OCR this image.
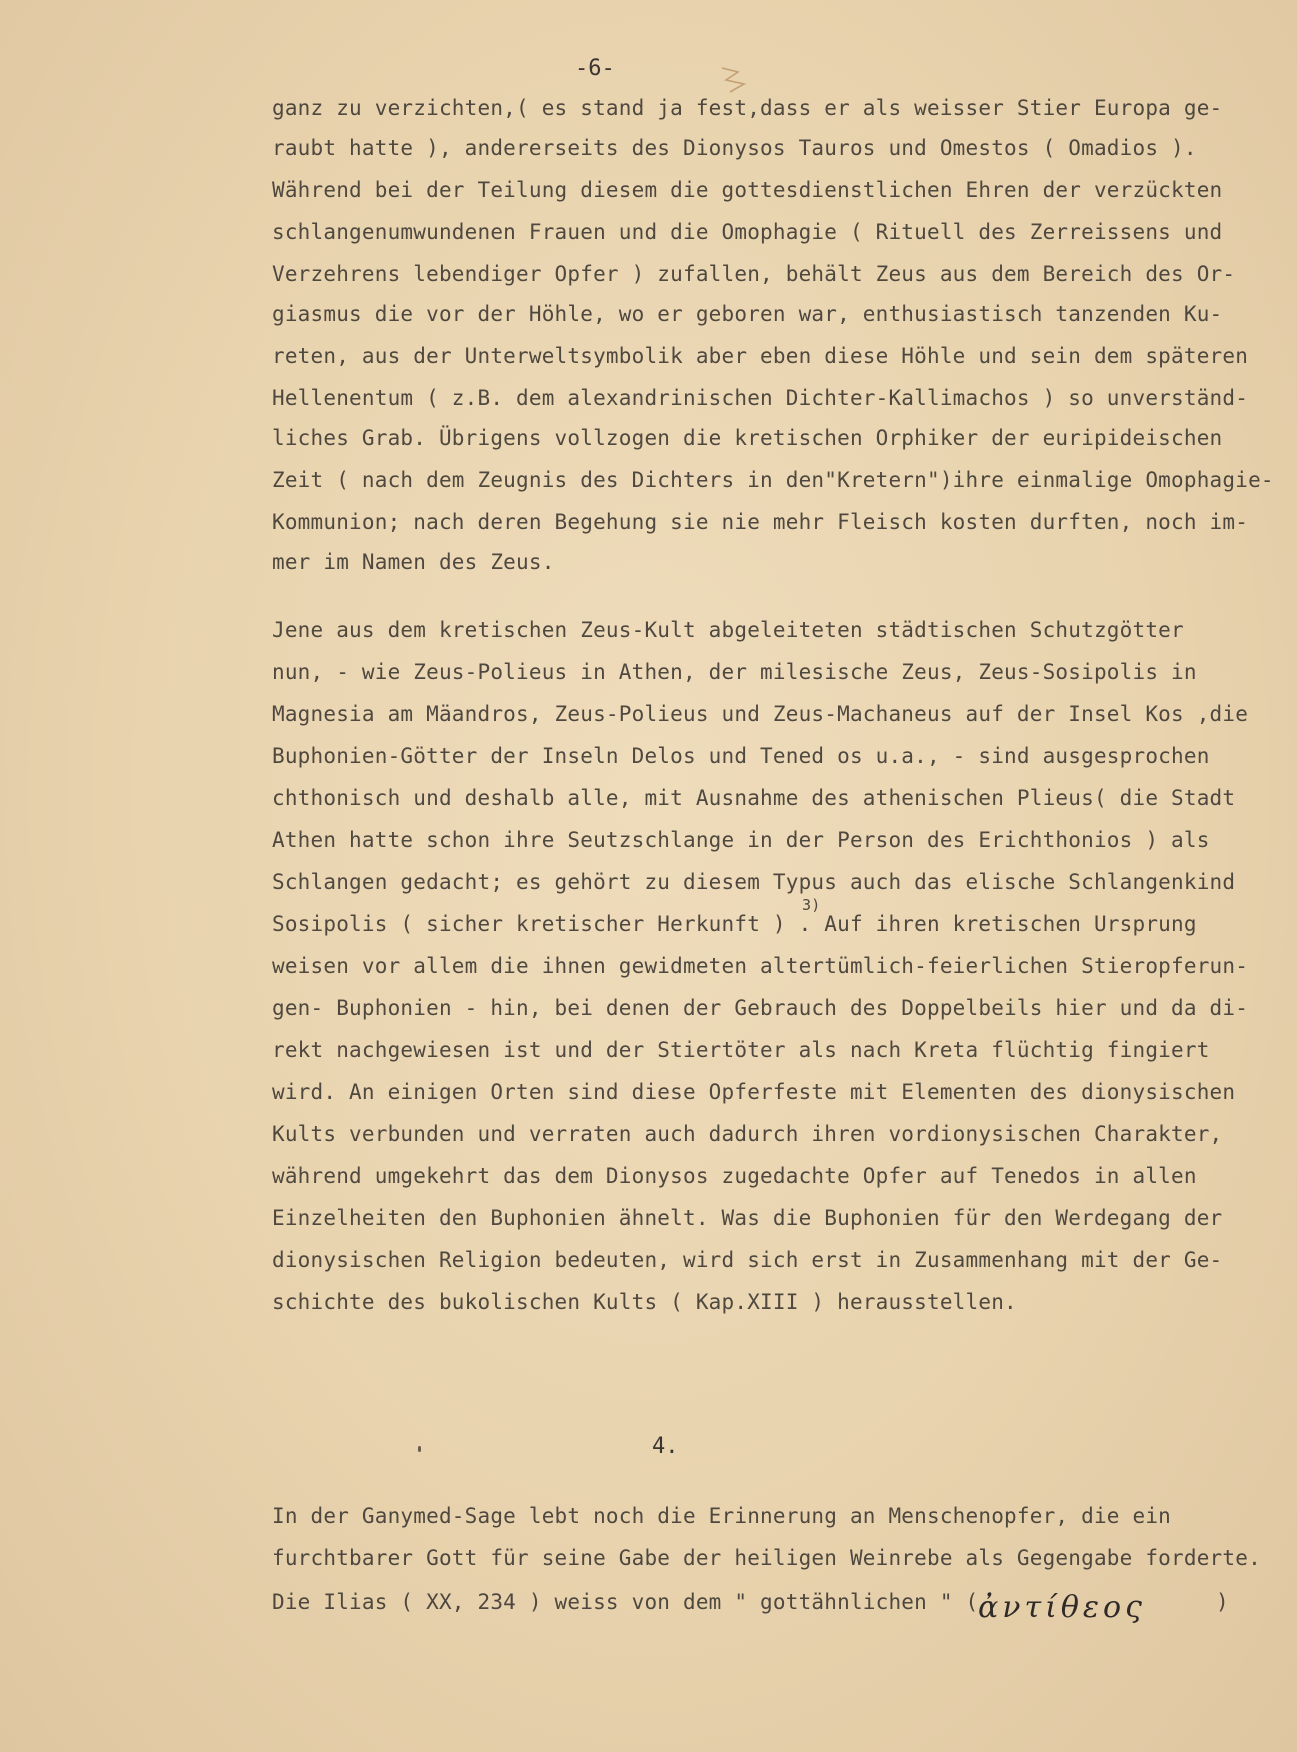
-6-
ganz zu verzichten,( es stand ja fest,dass er als weisser Stier Europa ge-
raubt hatte ), andererseits des Dionysos Tauros und Omestos ( Omadios ).
Während bei der Teilung diesem die gottesdienstlichen Ehren der verzückten
schlangenumwundenen Frauen und die Omophagie ( Rituell des Zerreissens und
Verzehrens lebendiger Opfer ) zufallen, behält Zeus aus dem Bereich des Or-
giasmus die vor der Höhle, wo er geboren war, enthusiastisch tanzenden Ku-
reten, aus der Unterweltsymbolik aber eben diese Höhle und sein dem späteren
Hellenentum ( z.B. dem alexandrinischen Dichter-Kallimachos ) so unverständ-
liches Grab. Übrigens vollzogen die kretischen Orphiker der euripideischen
Zeit ( nach dem Zeugnis des Dichters in den"Kretern")ihre einmalige Omophagie-
Kommunion; nach deren Begehung sie nie mehr Fleisch kosten durften, noch im-
mer im Namen des Zeus.
Jene aus dem kretischen Zeus-Kult abgeleiteten städtischen Schutzgötter
nun, - wie Zeus-Polieus in Athen, der milesische Zeus, Zeus-Sosipolis in
Magnesia am Mäandros, Zeus-Polieus und Zeus-Machaneus auf der Insel Kos ,die
Buphonien-Götter der Inseln Delos und Tened os u.a., - sind ausgesprochen
chthonisch und deshalb alle, mit Ausnahme des athenischen Plieus( die Stadt
Athen hatte schon ihre Seutzschlange in der Person des Erichthonios ) als
Schlangen gedacht; es gehört zu diesem Typus auch das elische Schlangenkind
Sosipolis ( sicher kretischer Herkunft ) . Auf ihren kretischen Ursprung
weisen vor allem die ihnen gewidmeten altertümlich-feierlichen Stieropferun-
gen- Buphonien - hin, bei denen der Gebrauch des Doppelbeils hier und da di-
rekt nachgewiesen ist und der Stiertöter als nach Kreta flüchtig fingiert
wird. An einigen Orten sind diese Opferfeste mit Elementen des dionysischen
Kults verbunden und verraten auch dadurch ihren vordionysischen Charakter,
während umgekehrt das dem Dionysos zugedachte Opfer auf Tenedos in allen
Einzelheiten den Buphonien ähnelt. Was die Buphonien für den Werdegang der
dionysischen Religion bedeuten, wird sich erst in Zusammenhang mit der Ge-
schichte des bukolischen Kults ( Kap.XIII ) herausstellen.
3)
4.
In der Ganymed-Sage lebt noch die Erinnerung an Menschenopfer, die ein
furchtbarer Gott für seine Gabe der heiligen Weinrebe als Gegengabe forderte.
Die Ilias ( XX, 234 ) weiss von dem " gottähnlichen " ( ἀντίθεος	)
